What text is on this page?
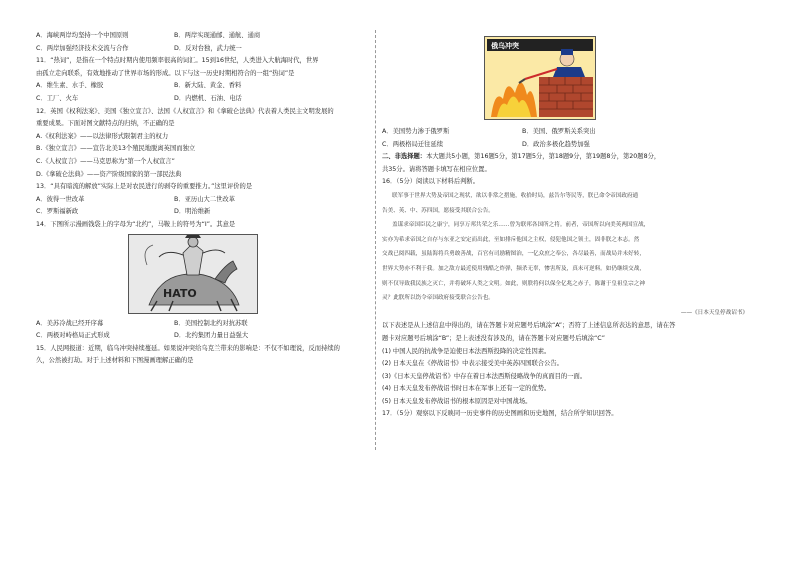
A．海峡两岸均坚持一个中国原则	B．两岸实现通邮、通航、通商
C．两岸加强经济技术交流与合作	D．反对台独，武力统一
11．“热词”，是指在一个特点时期内使用频率很高的词汇。15到16世纪，人类进入大航海时代，世界
由孤立走向联系，有效地推动了世界市场的形成。以下与这一历史时期相符合的一组“热词”是
A．维生素、水手、橡胶	B．新大陆、黄金、香料
C．工厂、火车	D．内燃机、石油、电话
12．英国《权利法案》、美国《独立宣言》、法国《人权宣言》和《拿破仑法典》代表着人类民主文明发展的
重要成果。下面对图文献特点的归纳，不正确的是
A.《权利法案》——以法律形式限制君主的权力
B.《独立宣言》——宣告北美13个殖民地脱离英国而独立
C.《人权宣言》——马克思称为“第一个人权宣言”
D.《拿破仑法典》——资产阶级国家的第一部民法典
13．“具有暗流的解放”实际上是对农民进行的剥夺的重要推力。”这里评价的是
A．彼得一世改革	B．亚历山大二世改革
C．罗斯福新政	D．明治维新
14．下图所示漫画钱袋上的字母为“北约”，马鞍上的符号为“I”。其意是
HATO
A．美苏冷战已经开序幕	B．美国控制北约对抗苏联
C．两极对峙格局正式形成	D．北约集团力量日益强大
15．人民网报道：近期，临乌冲突持续蔓延。如果说冲突给乌克兰带来的影响是：不仅不如理说，反而持续的
久，公然被打劫。对于上述材料和下图漫画理解正确的是
俄乌冲突
A．美国势力渗于俄罗斯	B．美国、俄罗斯关系突出
C．两极格局迁往延续	D．政治多极化趋势加强
二、非选择题：本大题共5小题，第16题5分，第17题5分，第18题9分，第19题8分，第20题8分，
共35分。请将答题卡填写在相应位置。
16．（5分）阅读以下材料后判断。
联军事于世界大势及帝国之现状，欲以非常之措施，收拾时局，兹告尔等民等，朕已命令帝国政府通
告美、英、中、苏四国，愿接受其联合公告。
盖谋求帝国臣民之康宁，同享万邦共荣之乐……曾为联邦各国所之将。前者，帝国所以向美英两国宣战，
实亦为希求帝国之自存与东亚之安定而出此，至如排斥他国之主权，侵犯他国之领土，固非朕之本志。然
交战已阅四载，虽陆海将兵勇敢善战，百官有司励精图治，一亿众庶之奉公，各尽最善，而战局并未好转，
世界大势亦不利于我。加之敌方最近使用残酷之炸弹，频杀无辜，惨害所及，真未可逆料。如仍继续交战，
则不仅导致我民族之灭亡，并将破坏人类之文明。如此，则朕将何以保全亿兆之赤子，陈谢于皇祖皇宗之神
灵？此朕所以饬令帝国政府接受联合公告也。
——《日本天皇停战诏书》
以下表述是从上述信息中得出的，请在答题卡对应题号后填涂“A”；否符了上述信息所表达的意思，请在答
题卡对应题号后填涂“B”；是上表述没有涉及的，请在答题卡对应题号后填涂“C”
(1) 中国人民的抗战争是迫使日本法西斯投降的决定性因素。
(2) 日本天皇在《停战诏书》中表示接受美中英苏四国联合公告。
(3)《日本天皇停战诏书》中存在着日本法西斯侵略战争的真面目的一面。
(4) 日本天皇发布停战诏书时日本在军事上还有一定的优势。
(5) 日本天皇发布停战诏书的根本原因是对中国战场。
17．（5分）观察以下反映同一历史事件的历史图画和历史地图，结合所学知识回答。
